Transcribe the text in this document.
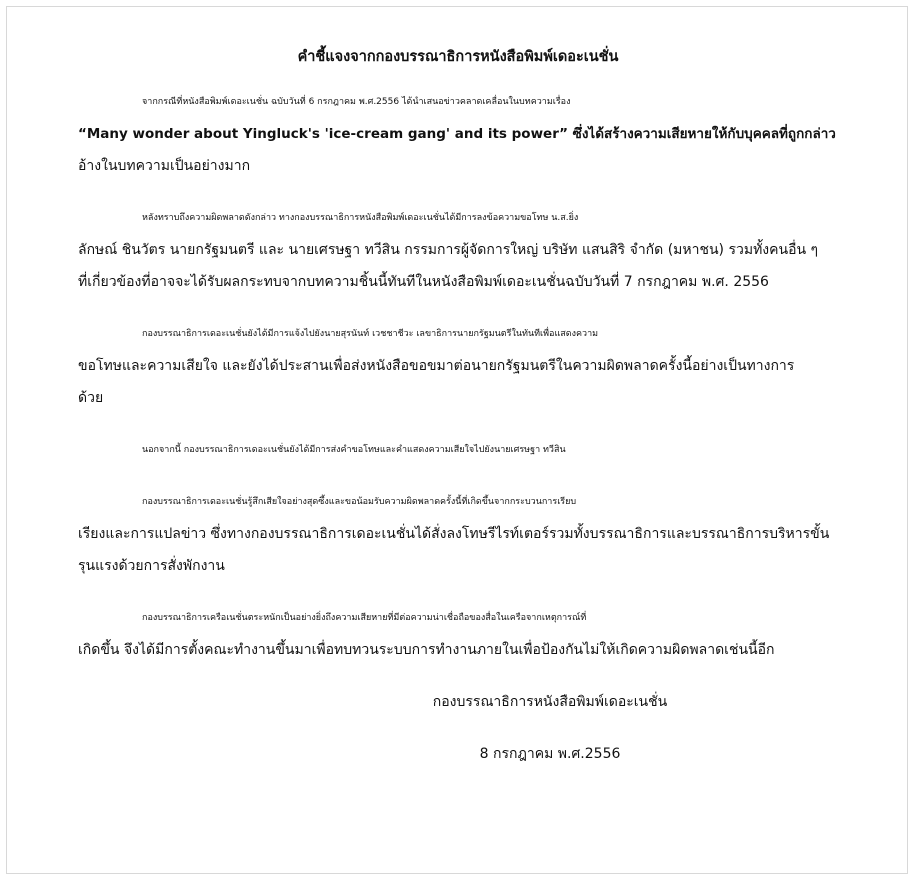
คำชี้แจงจากกองบรรณาธิการหนังสือพิมพ์เดอะเนชั่น
จากกรณีที่หนังสือพิมพ์เดอะเนชั่น ฉบับวันที่ 6 กรกฎาคม พ.ศ.2556 ได้นำเสนอข่าวคลาดเคลื่อนในบทความเรื่อง
“Many wonder about Yingluck's 'ice-cream gang' and its power” ซึ่งได้สร้างความเสียหายให้กับบุคคลที่ถูกกล่าว
อ้างในบทความเป็นอย่างมาก
หลังทราบถึงความผิดพลาดดังกล่าว ทางกองบรรณาธิการหนังสือพิมพ์เดอะเนชั่นได้มีการลงข้อความขอโทษ น.ส.ยิ่ง
ลักษณ์ ชินวัตร นายกรัฐมนตรี และ นายเศรษฐา ทวีสิน กรรมการผู้จัดการใหญ่ บริษัท แสนสิริ จำกัด (มหาชน) รวมทั้งคนอื่น ๆ
ที่เกี่ยวข้องที่อาจจะได้รับผลกระทบจากบทความชิ้นนี้ทันทีในหนังสือพิมพ์เดอะเนชั่นฉบับวันที่ 7 กรกฎาคม พ.ศ. 2556
กองบรรณาธิการเดอะเนชั่นยังได้มีการแจ้งไปยังนายสุรนันท์ เวชชาชีวะ เลขาธิการนายกรัฐมนตรีในทันทีเพื่อแสดงความ
ขอโทษและความเสียใจ และยังได้ประสานเพื่อส่งหนังสือขอขมาต่อนายกรัฐมนตรีในความผิดพลาดครั้งนี้อย่างเป็นทางการ
ด้วย
นอกจากนี้ กองบรรณาธิการเดอะเนชั่นยังได้มีการส่งคำขอโทษและคำแสดงความเสียใจไปยังนายเศรษฐา ทวีสิน
กองบรรณาธิการเดอะเนชั่นรู้สึกเสียใจอย่างสุดซึ้งและขอน้อมรับความผิดพลาดครั้งนี้ที่เกิดขึ้นจากกระบวนการเรียบ
เรียงและการแปลข่าว ซึ่งทางกองบรรณาธิการเดอะเนชั่นได้สั่งลงโทษรีไรท์เตอร์รวมทั้งบรรณาธิการและบรรณาธิการบริหารขั้น
รุนแรงด้วยการสั่งพักงาน
กองบรรณาธิการเครือเนชั่นตระหนักเป็นอย่างยิ่งถึงความเสียหายที่มีต่อความน่าเชื่อถือของสื่อในเครือจากเหตุการณ์ที่
เกิดขึ้น จึงได้มีการตั้งคณะทำงานขึ้นมาเพื่อทบทวนระบบการทำงานภายในเพื่อป้องกันไม่ให้เกิดความผิดพลาดเช่นนี้อีก
กองบรรณาธิการหนังสือพิมพ์เดอะเนชั่น
8 กรกฎาคม พ.ศ.2556
